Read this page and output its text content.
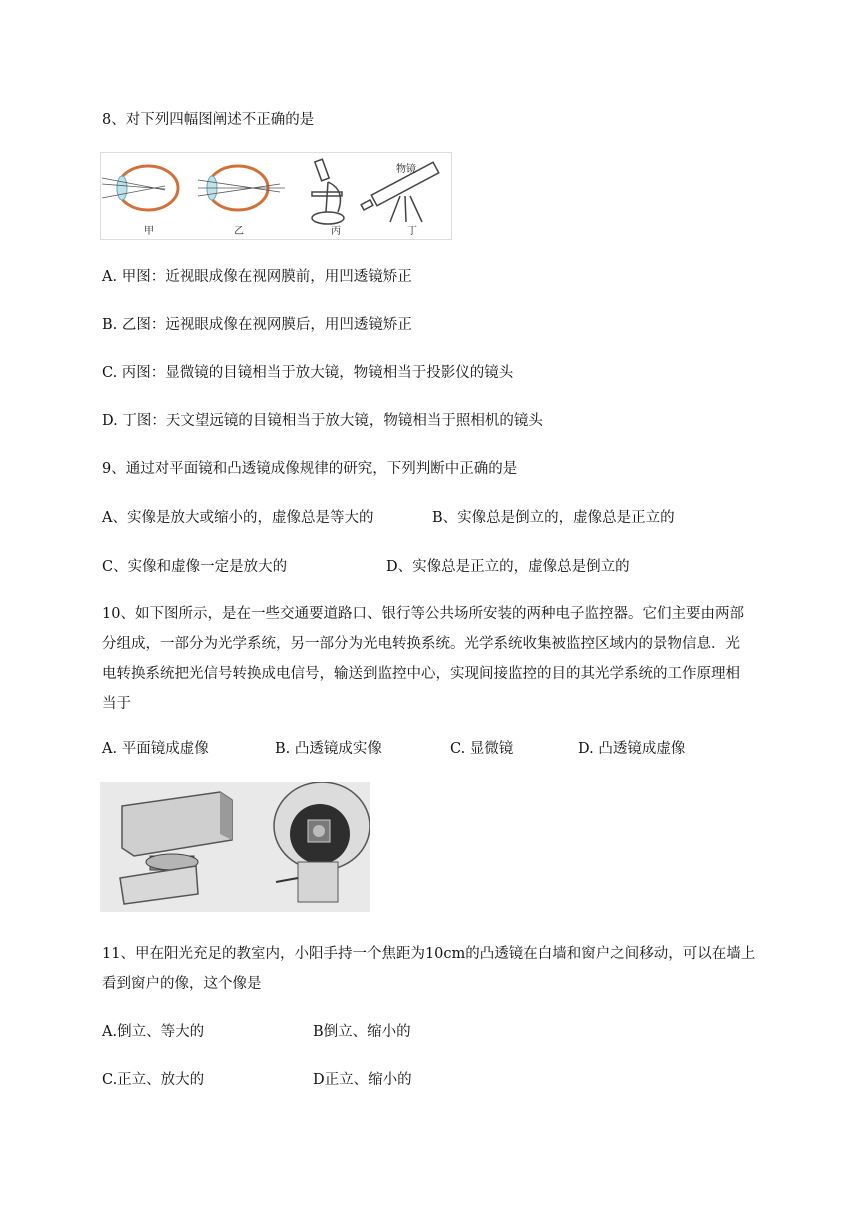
8、对下列四幅图阐述不正确的是
物镜
甲	乙	丙	丁
A. 甲图：近视眼成像在视网膜前，用凹透镜矫正
B. 乙图：远视眼成像在视网膜后，用凹透镜矫正
C. 丙图：显微镜的目镜相当于放大镜，物镜相当于投影仪的镜头
D. 丁图：天文望远镜的目镜相当于放大镜，物镜相当于照相机的镜头
9、通过对平面镜和凸透镜成像规律的研究，下列判断中正确的是
A、实像是放大或缩小的，虚像总是等大的	B、实像总是倒立的，虚像总是正立的
C、实像和虚像一定是放大的	D、实像总是正立的，虚像总是倒立的
10、如下图所示，是在一些交通要道路口、银行等公共场所安装的两种电子监控器。它们主要由两部
分组成，一部分为光学系统，另一部分为光电转换系统。光学系统收集被监控区域内的景物信息．光
电转换系统把光信号转换成电信号，输送到监控中心，实现间接监控的目的其光学系统的工作原理相
当于
A. 平面镜成虚像	B. 凸透镜成实像	C. 显微镜	D. 凸透镜成虚像
11、甲在阳光充足的教室内，小阳手持一个焦距为10cm的凸透镜在白墙和窗户之间移动，可以在墙上
看到窗户的像，这个像是
A.倒立、等大的	B倒立、缩小的
C.正立、放大的	D正立、缩小的
